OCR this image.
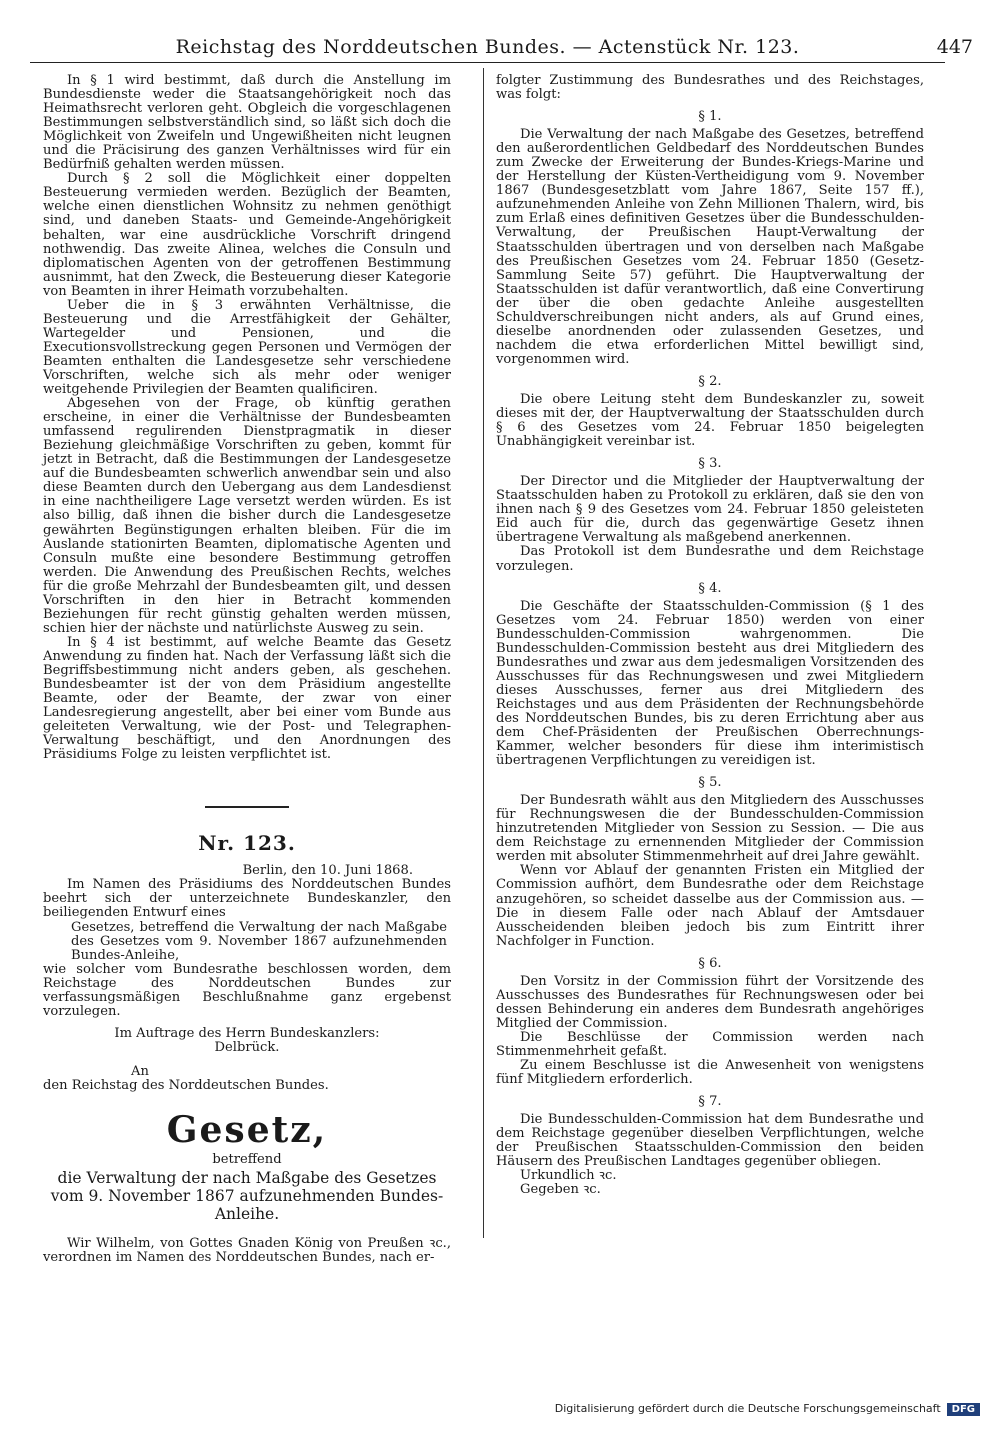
Reichstag des Norddeutschen Bundes. — Actenstück Nr. 123.	447

In § 1 wird bestimmt, daß durch die Anstellung im Bundesdienste weder die Staatsangehörigkeit noch das Heimathsrecht verloren geht. Obgleich die vorgeschlagenen Bestimmungen selbstverständlich sind, so läßt sich doch die Möglichkeit von Zweifeln und Ungewißheiten nicht leugnen und die Präcisirung des ganzen Verhältnisses wird für ein Bedürfniß gehalten werden müssen.

Durch § 2 soll die Möglichkeit einer doppelten Besteuerung vermieden werden. Bezüglich der Beamten, welche einen dienstlichen Wohnsitz zu nehmen genöthigt sind, und daneben Staats- und Gemeinde-Angehörigkeit behalten, war eine ausdrückliche Vorschrift dringend nothwendig. Das zweite Alinea, welches die Consuln und diplomatischen Agenten von der getroffenen Bestimmung ausnimmt, hat den Zweck, die Besteuerung dieser Kategorie von Beamten in ihrer Heimath vorzubehalten.

Ueber die in § 3 erwähnten Verhältnisse, die Besteuerung und die Arrestfähigkeit der Gehälter, Wartegelder und Pensionen, und die Executionsvollstreckung gegen Personen und Vermögen der Beamten enthalten die Landesgesetze sehr verschiedene Vorschriften, welche sich als mehr oder weniger weitgehende Privilegien der Beamten qualificiren.

Abgesehen von der Frage, ob künftig gerathen erscheine, in einer die Verhältnisse der Bundesbeamten umfassend regulirenden Dienstpragmatik in dieser Beziehung gleichmäßige Vorschriften zu geben, kommt für jetzt in Betracht, daß die Bestimmungen der Landesgesetze auf die Bundesbeamten schwerlich anwendbar sein und also diese Beamten durch den Uebergang aus dem Landesdienst in eine nachtheiligere Lage versetzt werden würden. Es ist also billig, daß ihnen die bisher durch die Landesgesetze gewährten Begünstigungen erhalten bleiben. Für die im Auslande stationirten Beamten, diplomatische Agenten und Consuln mußte eine besondere Bestimmung getroffen werden. Die Anwendung des Preußischen Rechts, welches für die große Mehrzahl der Bundesbeamten gilt, und dessen Vorschriften in den hier in Betracht kommenden Beziehungen für recht günstig gehalten werden müssen, schien hier der nächste und natürlichste Ausweg zu sein.

In § 4 ist bestimmt, auf welche Beamte das Gesetz Anwendung zu finden hat. Nach der Verfassung läßt sich die Begriffsbestimmung nicht anders geben, als geschehen. Bundesbeamter ist der von dem Präsidium angestellte Beamte, oder der Beamte, der zwar von einer Landesregierung angestellt, aber bei einer vom Bunde aus geleiteten Verwaltung, wie der Post- und Telegraphen-Verwaltung beschäftigt, und den Anordnungen des Präsidiums Folge zu leisten verpflichtet ist.

Nr. 123.
Berlin, den 10. Juni 1868.

Im Namen des Präsidiums des Norddeutschen Bundes beehrt sich der unterzeichnete Bundeskanzler, den beiliegenden Entwurf eines

Gesetzes, betreffend die Verwaltung der nach Maßgabe des Gesetzes vom 9. November 1867 aufzunehmenden Bundes-Anleihe,

wie solcher vom Bundesrathe beschlossen worden, dem Reichstage des Norddeutschen Bundes zur verfassungsmäßigen Beschlußnahme ganz ergebenst vorzulegen.

Im Auftrage des Herrn Bundeskanzlers:

Delbrück.

An

den Reichstag des Norddeutschen Bundes.

Gesetz,
betreffend
die Verwaltung der nach Maßgabe des Gesetzes vom 9. November 1867 aufzunehmenden Bundes-Anleihe.

Wir Wilhelm, von Gottes Gnaden König von Preußen ꝛc., verordnen im Namen des Norddeutschen Bundes, nach er-

folgter Zustimmung des Bundesrathes und des Reichstages, was folgt:

§ 1.

Die Verwaltung der nach Maßgabe des Gesetzes, betreffend den außerordentlichen Geldbedarf des Norddeutschen Bundes zum Zwecke der Erweiterung der Bundes-Kriegs-Marine und der Herstellung der Küsten-Vertheidigung vom 9. November 1867 (Bundesgesetzblatt vom Jahre 1867, Seite 157 ff.), aufzunehmenden Anleihe von Zehn Millionen Thalern, wird, bis zum Erlaß eines definitiven Gesetzes über die Bundesschulden-Verwaltung, der Preußischen Haupt-Verwaltung der Staatsschulden übertragen und von derselben nach Maßgabe des Preußischen Gesetzes vom 24. Februar 1850 (Gesetz-Sammlung Seite 57) geführt. Die Hauptverwaltung der Staatsschulden ist dafür verantwortlich, daß eine Convertirung der über die oben gedachte Anleihe ausgestellten Schuldverschreibungen nicht anders, als auf Grund eines, dieselbe anordnenden oder zulassenden Gesetzes, und nachdem die etwa erforderlichen Mittel bewilligt sind, vorgenommen wird.

§ 2.

Die obere Leitung steht dem Bundeskanzler zu, soweit dieses mit der, der Hauptverwaltung der Staatsschulden durch § 6 des Gesetzes vom 24. Februar 1850 beigelegten Unabhängigkeit vereinbar ist.

§ 3.

Der Director und die Mitglieder der Hauptverwaltung der Staatsschulden haben zu Protokoll zu erklären, daß sie den von ihnen nach § 9 des Gesetzes vom 24. Februar 1850 geleisteten Eid auch für die, durch das gegenwärtige Gesetz ihnen übertragene Verwaltung als maßgebend anerkennen.

Das Protokoll ist dem Bundesrathe und dem Reichstage vorzulegen.

§ 4.

Die Geschäfte der Staatsschulden-Commission (§ 1 des Gesetzes vom 24. Februar 1850) werden von einer Bundesschulden-Commission wahrgenommen. Die Bundesschulden-Commission besteht aus drei Mitgliedern des Bundesrathes und zwar aus dem jedesmaligen Vorsitzenden des Ausschusses für das Rechnungswesen und zwei Mitgliedern dieses Ausschusses, ferner aus drei Mitgliedern des Reichstages und aus dem Präsidenten der Rechnungsbehörde des Norddeutschen Bundes, bis zu deren Errichtung aber aus dem Chef-Präsidenten der Preußischen Oberrechnungs-Kammer, welcher besonders für diese ihm interimistisch übertragenen Verpflichtungen zu vereidigen ist.

§ 5.

Der Bundesrath wählt aus den Mitgliedern des Ausschusses für Rechnungswesen die der Bundesschulden-Commission hinzutretenden Mitglieder von Session zu Session. — Die aus dem Reichstage zu ernennenden Mitglieder der Commission werden mit absoluter Stimmenmehrheit auf drei Jahre gewählt.

Wenn vor Ablauf der genannten Fristen ein Mitglied der Commission aufhört, dem Bundesrathe oder dem Reichstage anzugehören, so scheidet dasselbe aus der Commission aus. — Die in diesem Falle oder nach Ablauf der Amtsdauer Ausscheidenden bleiben jedoch bis zum Eintritt ihrer Nachfolger in Function.

§ 6.

Den Vorsitz in der Commission führt der Vorsitzende des Ausschusses des Bundesrathes für Rechnungswesen oder bei dessen Behinderung ein anderes dem Bundesrath angehöriges Mitglied der Commission.

Die Beschlüsse der Commission werden nach Stimmenmehrheit gefaßt.

Zu einem Beschlusse ist die Anwesenheit von wenigstens fünf Mitgliedern erforderlich.

§ 7.

Die Bundesschulden-Commission hat dem Bundesrathe und dem Reichstage gegenüber dieselben Verpflichtungen, welche der Preußischen Staatsschulden-Commission den beiden Häusern des Preußischen Landtages gegenüber obliegen.

Urkundlich ꝛc.

Gegeben ꝛc.

Digitalisierung gefördert durch die Deutsche Forschungsgemeinschaft DFG
